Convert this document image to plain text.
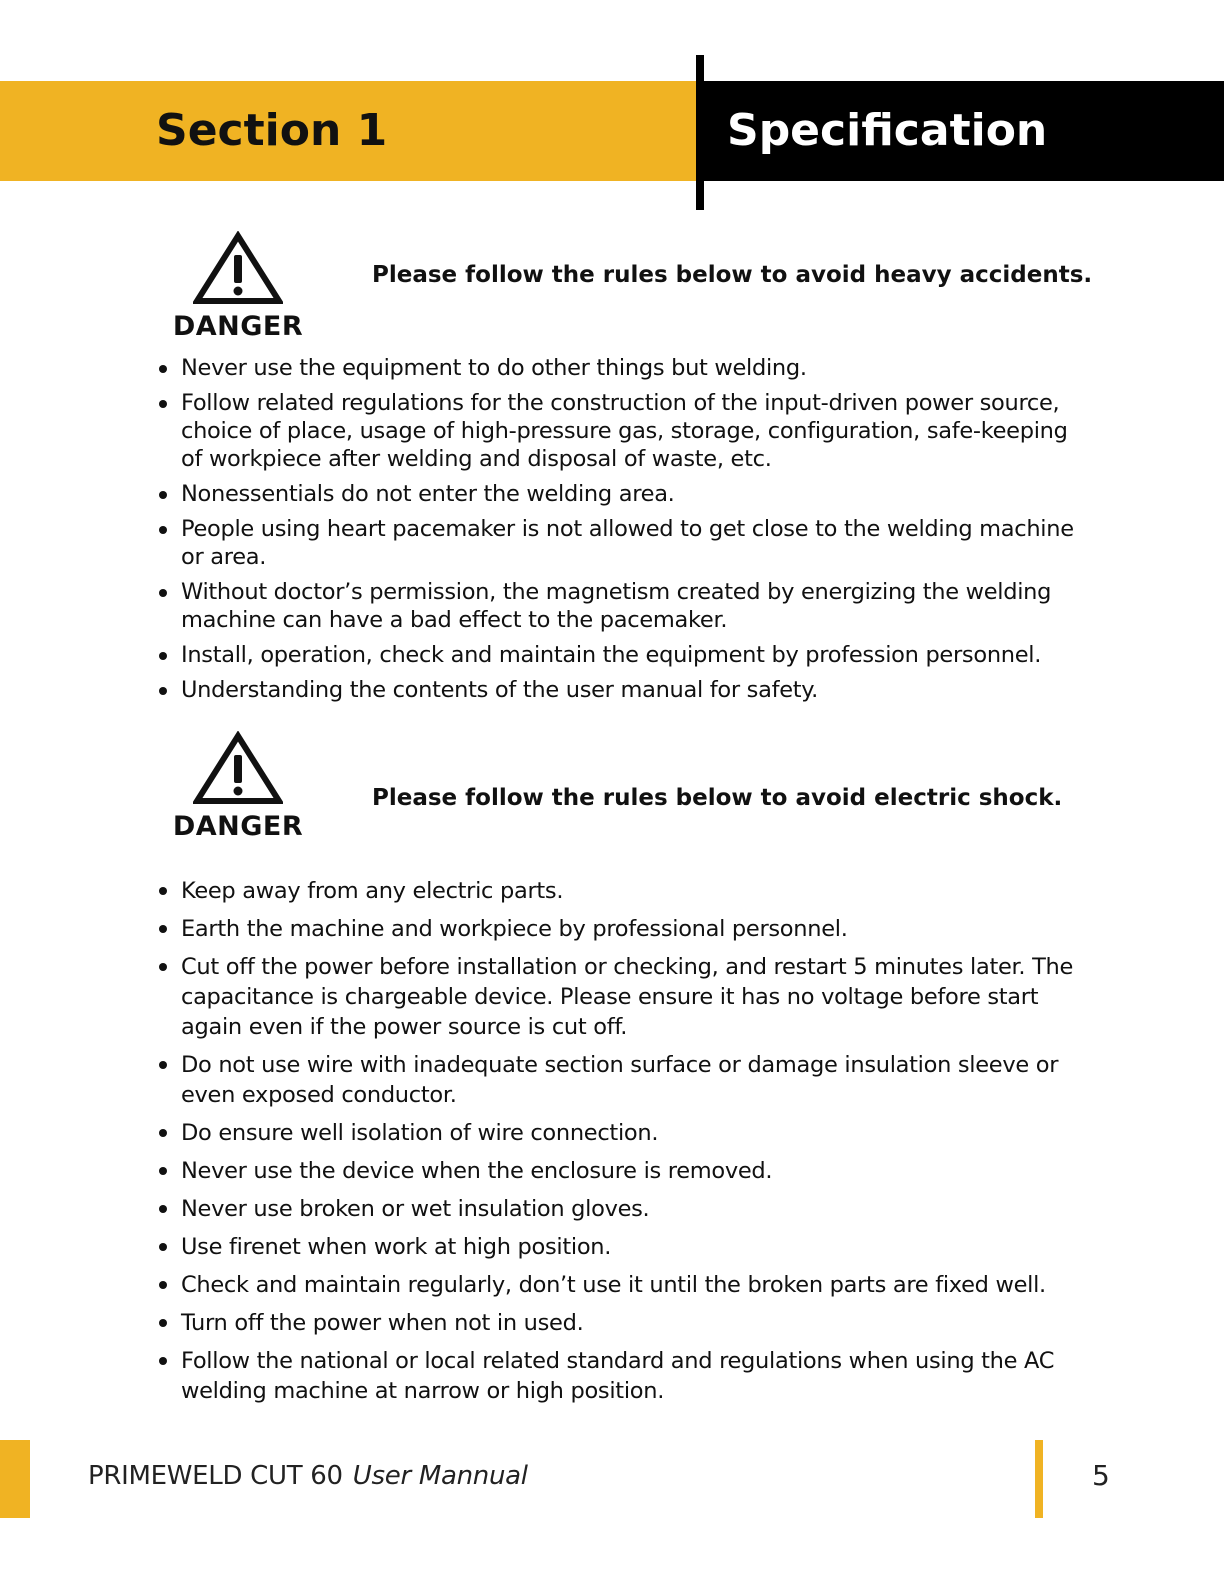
Section 1	Specification
DANGER

Please follow the rules below to avoid heavy accidents.

Never use the equipment to do other things but welding.
Follow related regulations for the construction of the input-driven power source, choice of place, usage of high-pressure gas, storage, configuration, safe-keeping of workpiece after welding and disposal of waste, etc.
Nonessentials do not enter the welding area.
People using heart pacemaker is not allowed to get close to the welding machine or area.
Without doctor’s permission, the magnetism created by energizing the welding machine can have a bad effect to the pacemaker.
Install, operation, check and maintain the equipment by profession personnel.
Understanding the contents of the user manual for safety.
DANGER

Please follow the rules below to avoid electric shock.

Keep away from any electric parts.
Earth the machine and workpiece by professional personnel.
Cut off the power before installation or checking, and restart 5 minutes later. The capacitance is chargeable device. Please ensure it has no voltage before start again even if the power source is cut off.
Do not use wire with inadequate section surface or damage insulation sleeve or even exposed conductor.
Do ensure well isolation of wire connection.
Never use the device when the enclosure is removed.
Never use broken or wet insulation gloves.
Use firenet when work at high position.
Check and maintain regularly, don’t use it until the broken parts are fixed well.
Turn off the power when not in used.
Follow the national or local related standard and regulations when using the AC welding machine at narrow or high position.
PRIMEWELD CUT 60 User Mannual	5
